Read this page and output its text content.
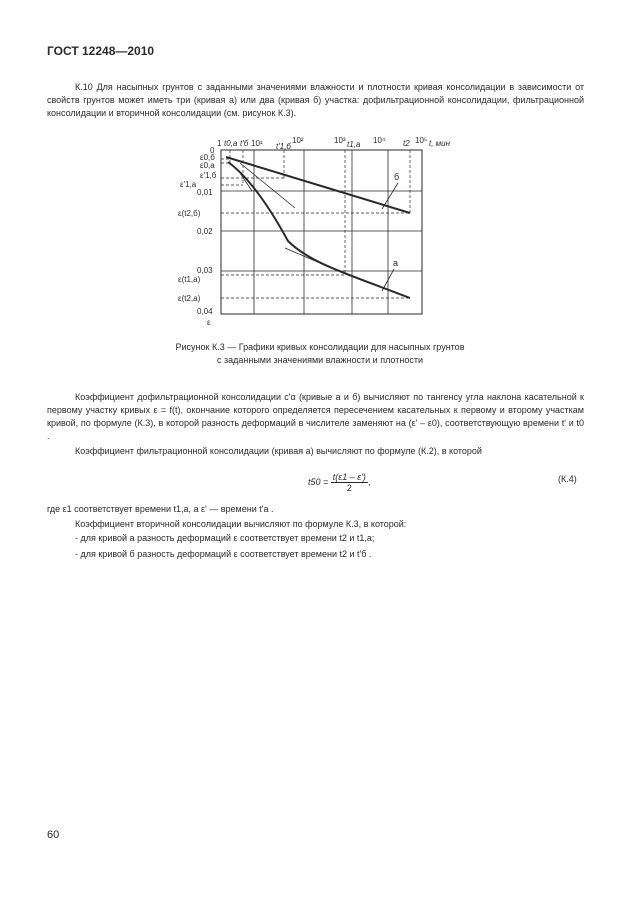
ГОСТ 12248—2010
К.10 Для насыпных грунтов с заданными значениями влажности и плотности кривая консолидации в зависимости от свойств грунтов может иметь три (кривая а) или два (кривая б) участка: дофильтрационной консолидации, фильтрационной консолидации и вторичной консолидации (см. рисунок К.3).
б
а
1 t0,a t'б 10¹	10²
t'1,б
10³ t1,a 10⁴ t2 10⁵ t, мин
0
ε0,б
ε0,а
ε'1,б
ε'1,а
0,01
ε(t2,б)
0,02
0,03
ε(t1,а)
ε(t2,а)
0,04
ε
Рисунок К.3 — Графики кривых консолидации для насыпных грунтов
с заданными значениями влажности и плотности
Коэффициент дофильтрационной консолидации c'α (кривые а и б) вычисляют по тангенсу угла наклона касательной к первому участку кривых ε = f(t), окончание которого определяется пересечением касательных к первому и второму участкам кривой, по формуле (К.3), в которой разность деформаций в числителе заменяют на (ε' – ε0), соответствующую времени t' и t0 .
Коэффициент фильтрационной консолидации (кривая а) вычисляют по формуле (К.2), в которой
$t50 = \frac{t(\varepsilon 1 - \varepsilon')}{2}$ ,	(К.4)
где ε1 соответствует времени t1,a, а ε' — времени t'a .
Коэффициент вторичной консолидации вычисляют по формуле К.3, в которой:
- для кривой а разность деформаций ε соответствует времени t2 и t1,a;
- для кривой б разность деформаций ε соответствует времени t2 и t'б .
60
